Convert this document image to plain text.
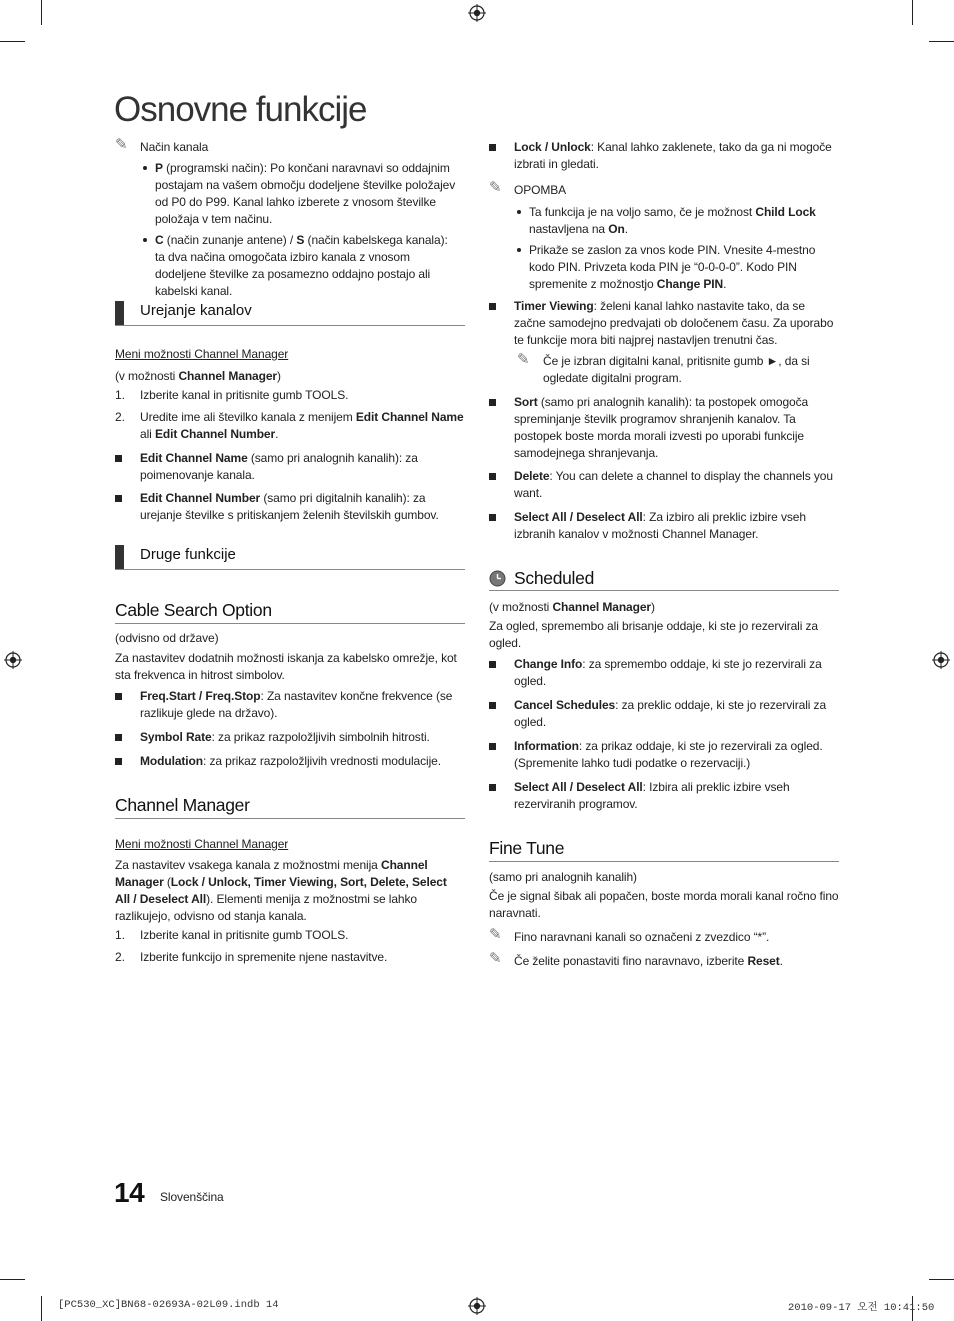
Osnovne funkcije
✎ Način kanala
P (programski način): Po končani naravnavi so oddajnim postajam na vašem območju dodeljene številke položajev od P0 do P99. Kanal lahko izberete z vnosom številke položaja v tem načinu.
C (način zunanje antene) / S (način kabelskega kanala): ta dva načina omogočata izbiro kanala z vnosom dodeljene številke za posamezno oddajno postajo ali kabelski kanal.
Urejanje kanalov
Meni možnosti Channel Manager
(v možnosti Channel Manager)
1. Izberite kanal in pritisnite gumb TOOLS.
2. Uredite ime ali številko kanala z menijem Edit Channel Name ali Edit Channel Number.
Edit Channel Name (samo pri analognih kanalih): za poimenovanje kanala.
Edit Channel Number (samo pri digitalnih kanalih): za urejanje številke s pritiskanjem želenih številskih gumbov.
Druge funkcije
Cable Search Option
(odvisno od države)
Za nastavitev dodatnih možnosti iskanja za kabelsko omrežje, kot sta frekvenca in hitrost simbolov.
Freq.Start / Freq.Stop: Za nastavitev končne frekvence (se razlikuje glede na državo).
Symbol Rate: za prikaz razpoložljivih simbolnih hitrosti.
Modulation: za prikaz razpoložljivih vrednosti modulacije.
Channel Manager
Meni možnosti Channel Manager
Za nastavitev vsakega kanala z možnostmi menija Channel Manager (Lock / Unlock, Timer Viewing, Sort, Delete, Select All / Deselect All). Elementi menija z možnostmi se lahko razlikujejo, odvisno od stanja kanala.
1. Izberite kanal in pritisnite gumb TOOLS.
2. Izberite funkcijo in spremenite njene nastavitve.
Lock / Unlock: Kanal lahko zaklenete, tako da ga ni mogoče izbrati in gledati.
✎ OPOMBA
Ta funkcija je na voljo samo, če je možnost Child Lock nastavljena na On.
Prikaže se zaslon za vnos kode PIN. Vnesite 4-mestno kodo PIN. Privzeta koda PIN je “0-0-0-0”. Kodo PIN spremenite z možnostjo Change PIN.
Timer Viewing: želeni kanal lahko nastavite tako, da se začne samodejno predvajati ob določenem času. Za uporabo te funkcije mora biti najprej nastavljen trenutni čas.
✎ Če je izbran digitalni kanal, pritisnite gumb ►, da si ogledate digitalni program.
Sort (samo pri analognih kanalih): ta postopek omogoča spreminjanje številk programov shranjenih kanalov. Ta postopek boste morda morali izvesti po uporabi funkcije samodejnega shranjevanja.
Delete: You can delete a channel to display the channels you want.
Select All / Deselect All: Za izbiro ali preklic izbire vseh izbranih kanalov v možnosti Channel Manager.
Scheduled
(v možnosti Channel Manager)
Za ogled, spremembo ali brisanje oddaje, ki ste jo rezervirali za ogled.
Change Info: za spremembo oddaje, ki ste jo rezervirali za ogled.
Cancel Schedules: za preklic oddaje, ki ste jo rezervirali za ogled.
Information: za prikaz oddaje, ki ste jo rezervirali za ogled. (Spremenite lahko tudi podatke o rezervaciji.)
Select All / Deselect All: Izbira ali preklic izbire vseh rezerviranih programov.
Fine Tune
(samo pri analognih kanalih)
Če je signal šibak ali popačen, boste morda morali kanal ročno fino naravnati.
✎ Fino naravnani kanali so označeni z zvezdico “*”.
✎ Če želite ponastaviti fino naravnavo, izberite Reset.
14 Slovenščina
[PC530_XC]BN68-02693A-02L09.indb 14	2010-09-17 오전 10:41:50
